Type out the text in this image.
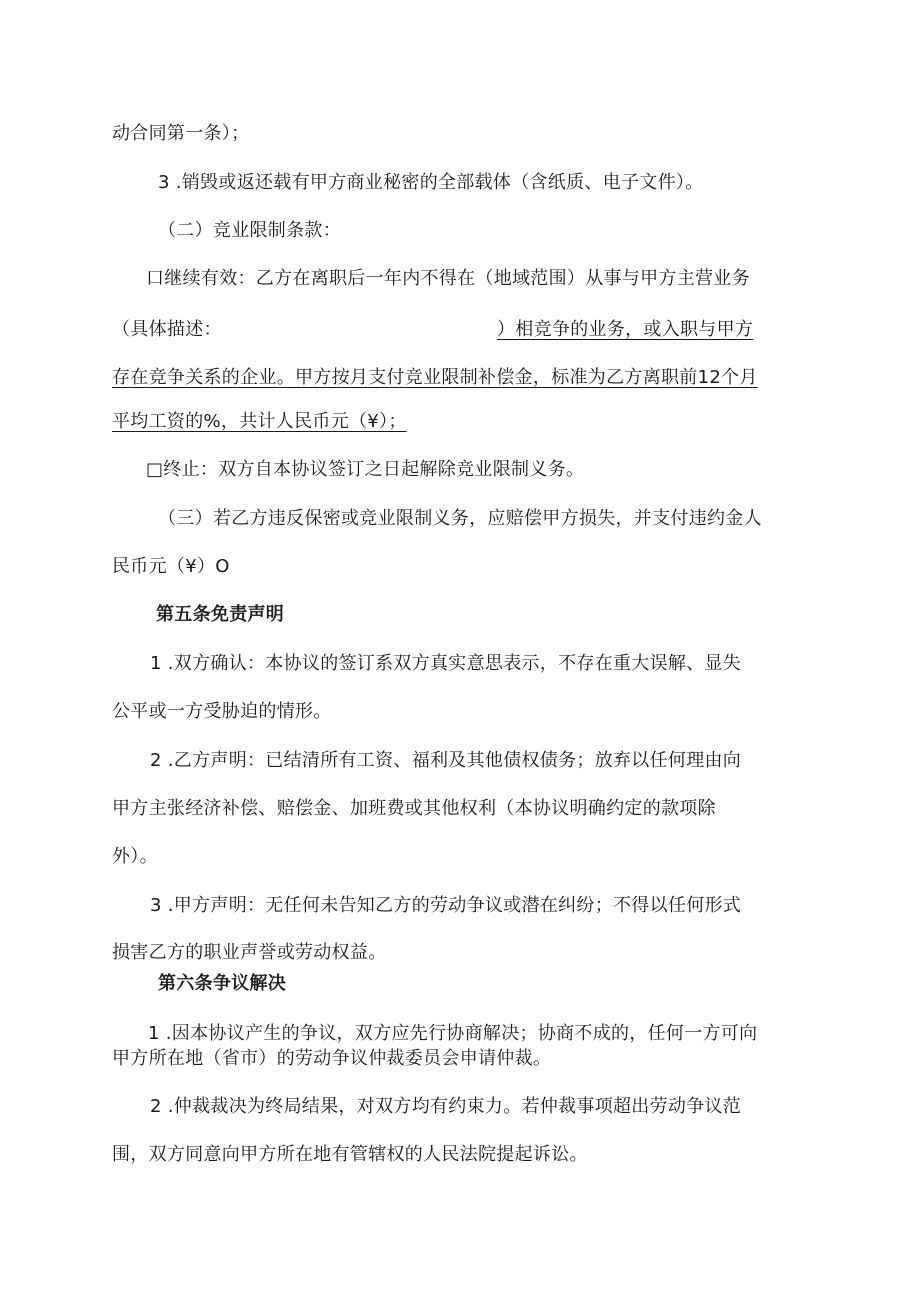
动合同第一条）；
3 .销毁或返还载有甲方商业秘密的全部载体（含纸质、电子文件）。
（二）竞业限制条款：
口继续有效：乙方在离职后一年内不得在（地域范围）从事与甲方主营业务
（具体描述：	）相竞争的业务，或入职与甲方
存在竞争关系的企业。甲方按月支付竞业限制补偿金，标准为乙方离职前12个月
平均工资的%，共计人民币元（¥）；
□终止：双方自本协议签订之日起解除竞业限制义务。
（三）若乙方违反保密或竞业限制义务，应赔偿甲方损失，并支付违约金人
民币元（¥）O
第五条免责声明
1 .双方确认：本协议的签订系双方真实意思表示，不存在重大误解、显失
公平或一方受胁迫的情形。
2 .乙方声明：已结清所有工资、福利及其他债权债务；放弃以任何理由向
甲方主张经济补偿、赔偿金、加班费或其他权利（本协议明确约定的款项除
外）。
3 .甲方声明：无任何未告知乙方的劳动争议或潜在纠纷；不得以任何形式
损害乙方的职业声誉或劳动权益。
第六条争议解决
1 .因本协议产生的争议，双方应先行协商解决；协商不成的，任何一方可向
甲方所在地（省市）的劳动争议仲裁委员会申请仲裁。
2 .仲裁裁决为终局结果，对双方均有约束力。若仲裁事项超出劳动争议范
围，双方同意向甲方所在地有管辖权的人民法院提起诉讼。
